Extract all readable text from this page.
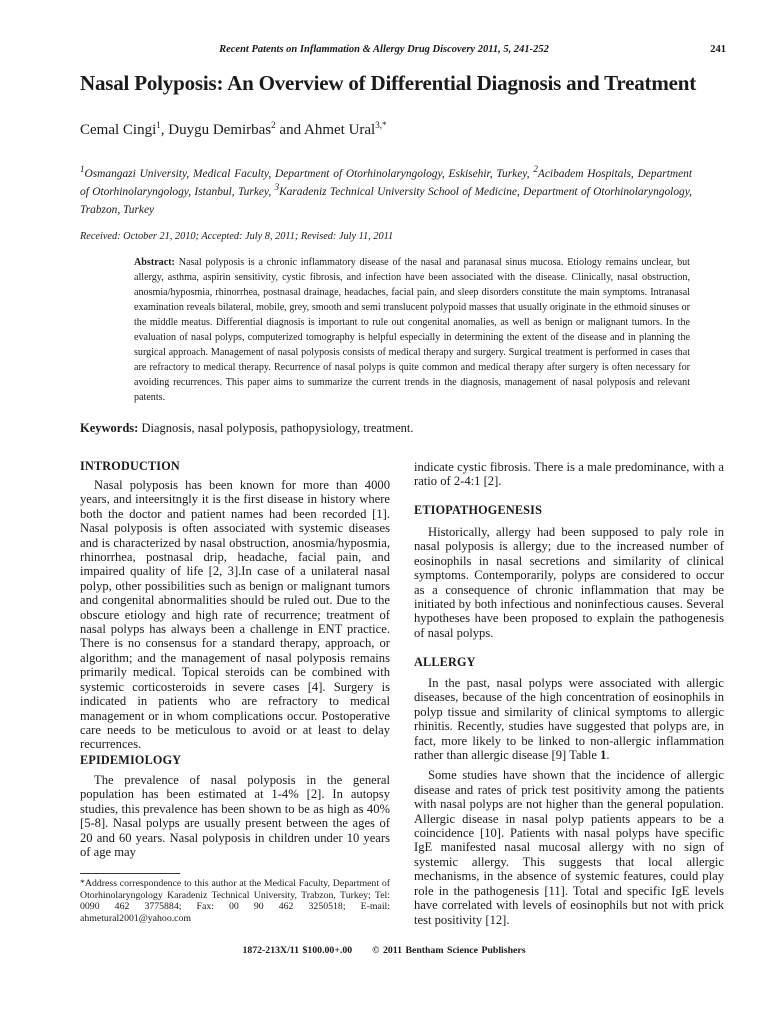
Recent Patents on Inflammation & Allergy Drug Discovery 2011, 5, 241-252	241
Nasal Polyposis: An Overview of Differential Diagnosis and Treatment
Cemal Cingi$^1$, Duygu Demirbas$^2$ and Ahmet Ural$^{3,*}$
$^1$Osmangazi University, Medical Faculty, Department of Otorhinolaryngology, Eskisehir, Turkey, $^2$Acibadem Hospitals, Department of Otorhinolaryngology, Istanbul, Turkey, $^3$Karadeniz Technical University School of Medicine, Department of Otorhinolaryngology, Trabzon, Turkey
Received: October 21, 2010; Accepted: July 8, 2011; Revised: July 11, 2011
Abstract: Nasal polyposis is a chronic inflammatory disease of the nasal and paranasal sinus mucosa. Etiology remains unclear, but allergy, asthma, aspirin sensitivity, cystic fibrosis, and infection have been associated with the disease. Clinically, nasal obstruction, anosmia/hyposmia, rhinorrhea, postnasal drainage, headaches, facial pain, and sleep disorders constitute the main symptoms. Intranasal examination reveals bilateral, mobile, grey, smooth and semi translucent polypoid masses that usually originate in the ethmoid sinuses or the middle meatus. Differential diagnosis is important to rule out congenital anomalies, as well as benign or malignant tumors. In the evaluation of nasal polyps, computerized tomography is helpful especially in determining the extent of the disease and in planning the surgical approach. Management of nasal polyposis consists of medical therapy and surgery. Surgical treatment is performed in cases that are refractory to medical therapy. Recurrence of nasal polyps is quite common and medical therapy after surgery is often necessary for avoiding recurrences. This paper aims to summarize the current trends in the diagnosis, management of nasal polyposis and relevant patents.
Keywords: Diagnosis, nasal polyposis, pathopysiology, treatment.
INTRODUCTION

Nasal polyposis has been known for more than 4000 years, and inteersitngly it is the first disease in history where both the doctor and patient names had been recorded [1]. Nasal polyposis is often associated with systemic diseases and is characterized by nasal obstruction, anosmia/hyposmia, rhinorrhea, postnasal drip, headache, facial pain, and impaired quality of life [2, 3].In case of a unilateral nasal polyp, other possibilities such as benign or malignant tumors and congenital abnormalities should be ruled out. Due to the obscure etiology and high rate of recurrence; treatment of nasal polyps has always been a challenge in ENT practice. There is no consensus for a standard therapy, approach, or algorithm; and the management of nasal polyposis remains primarily medical. Topical steroids can be combined with systemic corticosteroids in severe cases [4]. Surgery is indicated in patients who are refractory to medical management or in whom complications occur. Postoperative care needs to be meticulous to avoid or at least to delay recurrences.

EPIDEMIOLOGY

The prevalence of nasal polyposis in the general population has been estimated at 1-4% [2]. In autopsy studies, this prevalence has been shown to be as high as 40% [5-8]. Nasal polyps are usually present between the ages of 20 and 60 years. Nasal polyposis in children under 10 years of age may

indicate cystic fibrosis. There is a male predominance, with a ratio of 2-4:1 [2].

ETIOPATHOGENESIS

Historically, allergy had been supposed to paly role in nasal polyposis is allergy; due to the increased number of eosinophils in nasal secretions and similarity of clinical symptoms. Contemporarily, polyps are considered to occur as a consequence of chronic inflammation that may be initiated by both infectious and noninfectious causes. Several hypotheses have been proposed to explain the pathogenesis of nasal polyps.

ALLERGY

In the past, nasal polyps were associated with allergic diseases, because of the high concentration of eosinophils in polyp tissue and similarity of clinical symptoms to allergic rhinitis. Recently, studies have suggested that polyps are, in fact, more likely to be linked to non-allergic inflammation rather than allergic disease [9] Table 1.

Some studies have shown that the incidence of allergic disease and rates of prick test positivity among the patients with nasal polyps are not higher than the general population. Allergic disease in nasal polyp patients appears to be a coincidence [10]. Patients with nasal polyps have specific IgE manifested nasal mucosal allergy with no sign of systemic allergy. This suggests that local allergic mechanisms, in the absence of systemic features, could play role in the pathogenesis [11]. Total and specific IgE levels have correlated with levels of eosinophils but not with prick test positivity [12].

*Address correspondence to this author at the Medical Faculty, Department of Otorhinolaryngology Karadeniz Technical University, Trabzon, Turkey; Tel: 0090 462 3775884; Fax: 00 90 462 3250518; E-mail: ahmetural2001@yahoo.com
1872-213X/11 $100.00+.00 © 2011 Bentham Science Publishers
